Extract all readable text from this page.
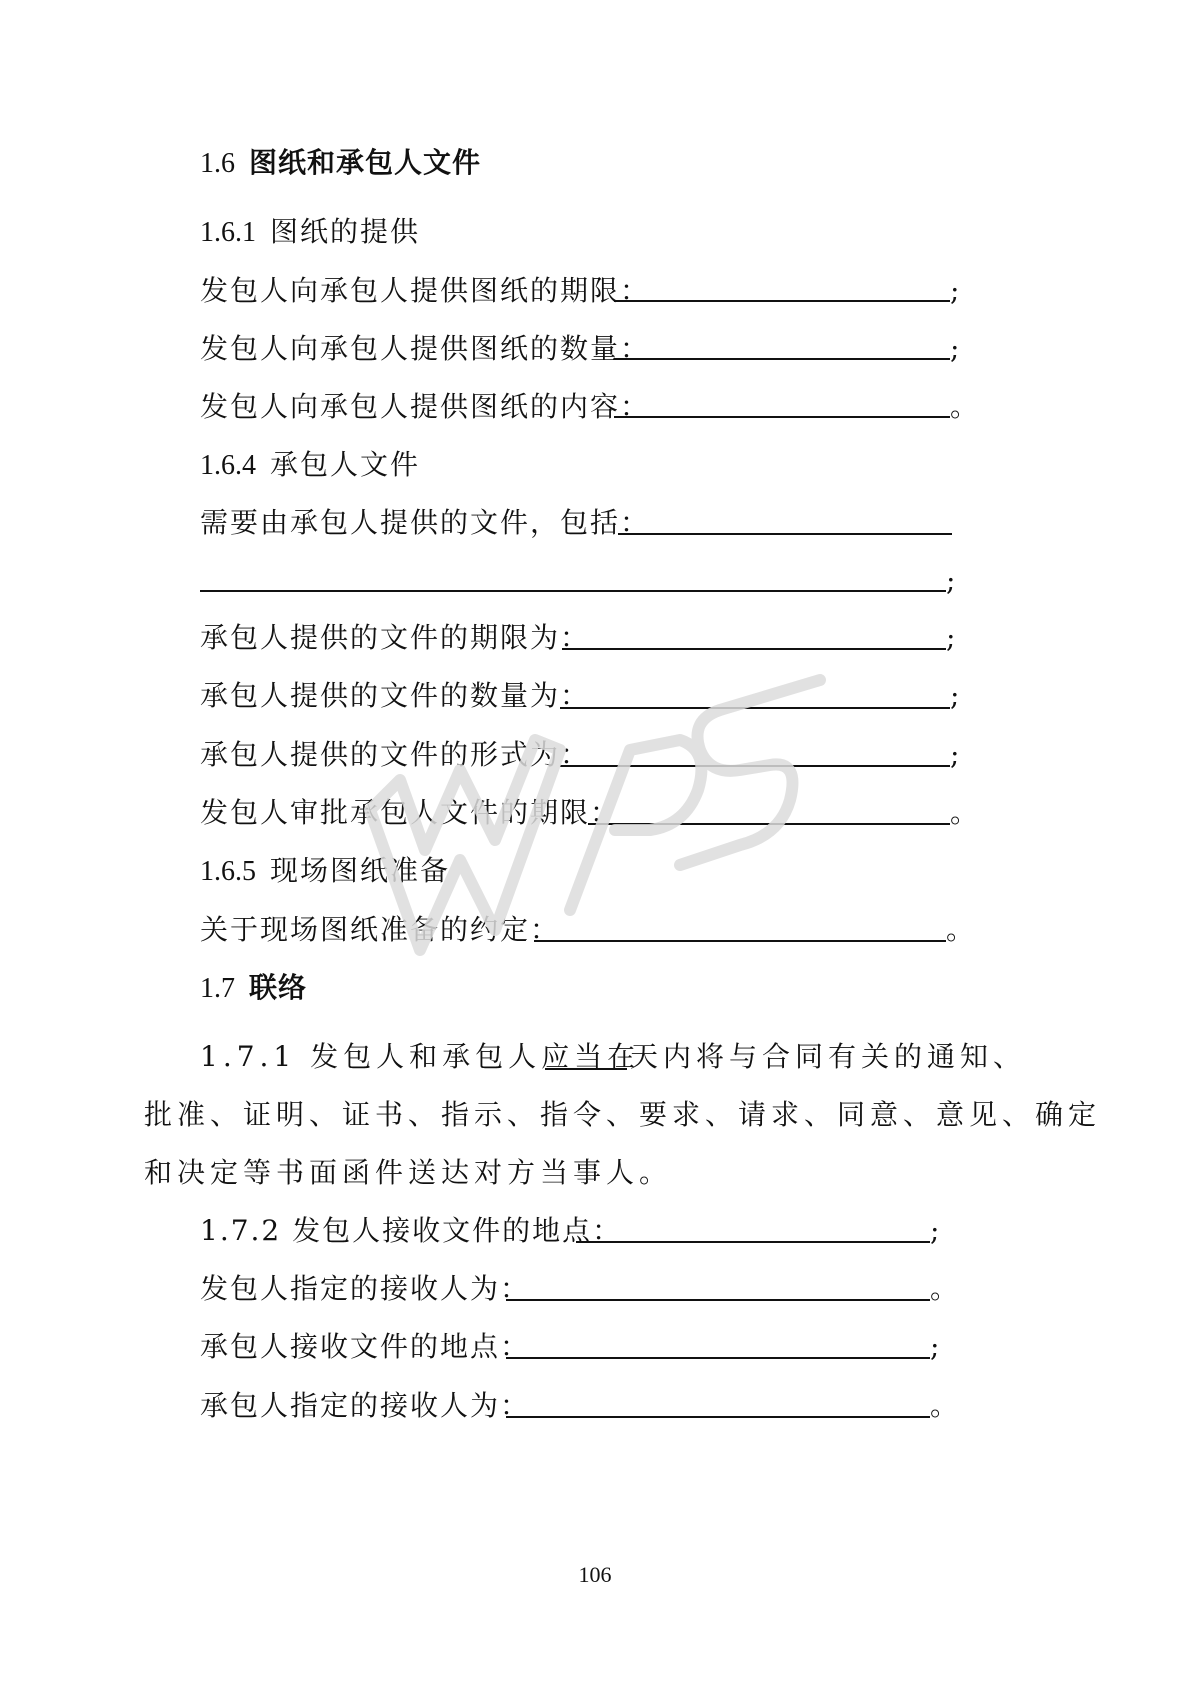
1.6 图纸和承包人文件
1.6.1 图纸的提供
发包人向承包人提供图纸的期限：	;
发包人向承包人提供图纸的数量：	;
发包人向承包人提供图纸的内容：	。
1.6.4 承包人文件
需要由承包人提供的文件，包括：
;
承包人提供的文件的期限为：	;
承包人提供的文件的数量为：	;
承包人提供的文件的形式为：	;
发包人审批承包人文件的期限：	。
1.6.5 现场图纸准备
关于现场图纸准备的约定：	。
1.7 联络
1.7.1 发包人和承包人应当在
天内将与合同有关的通知、
批准、证明、证书、指示、指令、要求、请求、同意、意见、确定
和决定等书面函件送达对方当事人。
1.7.2 发包人接收文件的地点：	;
发包人指定的接收人为：	。
承包人接收文件的地点：	;
承包人指定的接收人为：	。
106
